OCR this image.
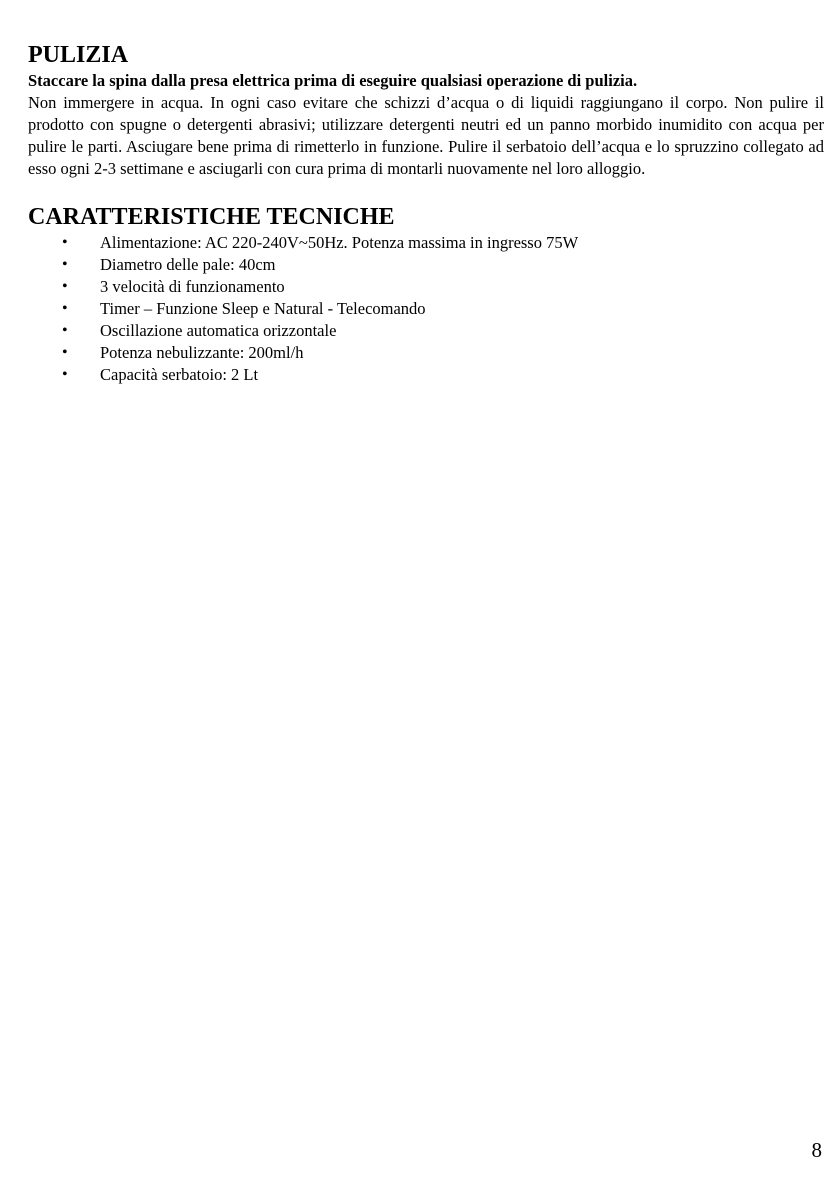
PULIZIA

Staccare la spina dalla presa elettrica prima di eseguire qualsiasi operazione di pulizia.

Non immergere in acqua. In ogni caso evitare che schizzi d’acqua o di liquidi raggiungano il corpo. Non pulire il prodotto con spugne o detergenti abrasivi; utilizzare detergenti neutri ed un panno morbido inumidito con acqua per pulire le parti. Asciugare bene prima di rimetterlo in funzione. Pulire il serbatoio dell’acqua e lo spruzzino collegato ad esso ogni 2-3 settimane e asciugarli con cura prima di montarli nuovamente nel loro alloggio.

CARATTERISTICHE TECNICHE
• Alimentazione: AC 220-240V~50Hz. Potenza massima in ingresso 75W
• Diametro delle pale: 40cm
• 3 velocità di funzionamento
• Timer – Funzione Sleep e Natural - Telecomando
• Oscillazione automatica orizzontale
• Potenza nebulizzante: 200ml/h
• Capacità serbatoio: 2 Lt
8
